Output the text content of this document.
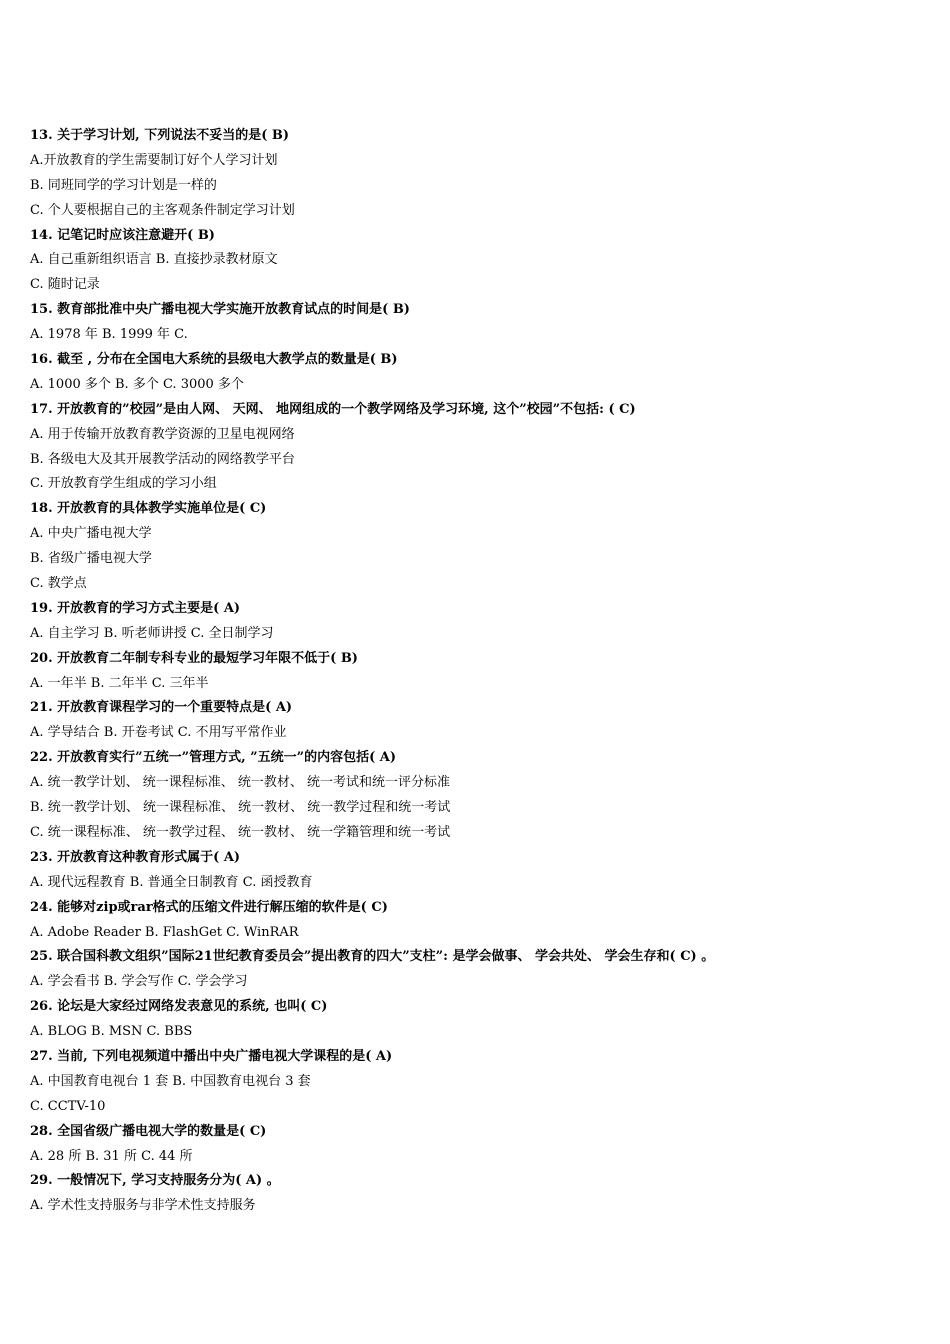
13. 关于学习计划, 下列说法不妥当的是( B)
A.开放教育的学生需要制订好个人学习计划
B. 同班同学的学习计划是一样的
C. 个人要根据自己的主客观条件制定学习计划
14. 记笔记时应该注意避开( B)
A. 自己重新组织语言 B. 直接抄录教材原文
C. 随时记录
15. 教育部批准中央广播电视大学实施开放教育试点的时间是( B)
A. 1978 年 B. 1999 年 C.
16. 截至 , 分布在全国电大系统的县级电大教学点的数量是( B)
A. 1000 多个 B. 多个 C. 3000 多个
17. 开放教育的”校园”是由人网、 天网、 地网组成的一个教学网络及学习环境, 这个”校园”不包括: ( C)
A. 用于传输开放教育教学资源的卫星电视网络
B. 各级电大及其开展教学活动的网络教学平台
C. 开放教育学生组成的学习小组
18. 开放教育的具体教学实施单位是( C)
A. 中央广播电视大学
B. 省级广播电视大学
C. 教学点
19. 开放教育的学习方式主要是( A)
A. 自主学习 B. 听老师讲授 C. 全日制学习
20. 开放教育二年制专科专业的最短学习年限不低于( B)
A. 一年半 B. 二年半 C. 三年半
21. 开放教育课程学习的一个重要特点是( A)
A. 学导结合 B. 开卷考试 C. 不用写平常作业
22. 开放教育实行”五统一”管理方式, ”五统一”的内容包括( A)
A. 统一教学计划、 统一课程标准、 统一教材、 统一考试和统一评分标准
B. 统一教学计划、 统一课程标准、 统一教材、 统一教学过程和统一考试
C. 统一课程标准、 统一教学过程、 统一教材、 统一学籍管理和统一考试
23. 开放教育这种教育形式属于( A)
A. 现代远程教育 B. 普通全日制教育 C. 函授教育
24. 能够对zip或rar格式的压缩文件进行解压缩的软件是( C)
A. Adobe Reader B. FlashGet C. WinRAR
25. 联合国科教文组织”国际21世纪教育委员会”提出教育的四大”支柱”: 是学会做事、 学会共处、 学会生存和( C) 。
A. 学会看书 B. 学会写作 C. 学会学习
26. 论坛是大家经过网络发表意见的系统, 也叫( C)
A. BLOG B. MSN C. BBS
27. 当前, 下列电视频道中播出中央广播电视大学课程的是( A)
A. 中国教育电视台 1 套 B. 中国教育电视台 3 套
C. CCTV-10
28. 全国省级广播电视大学的数量是( C)
A. 28 所 B. 31 所 C. 44 所
29. 一般情况下, 学习支持服务分为( A) 。
A. 学术性支持服务与非学术性支持服务
